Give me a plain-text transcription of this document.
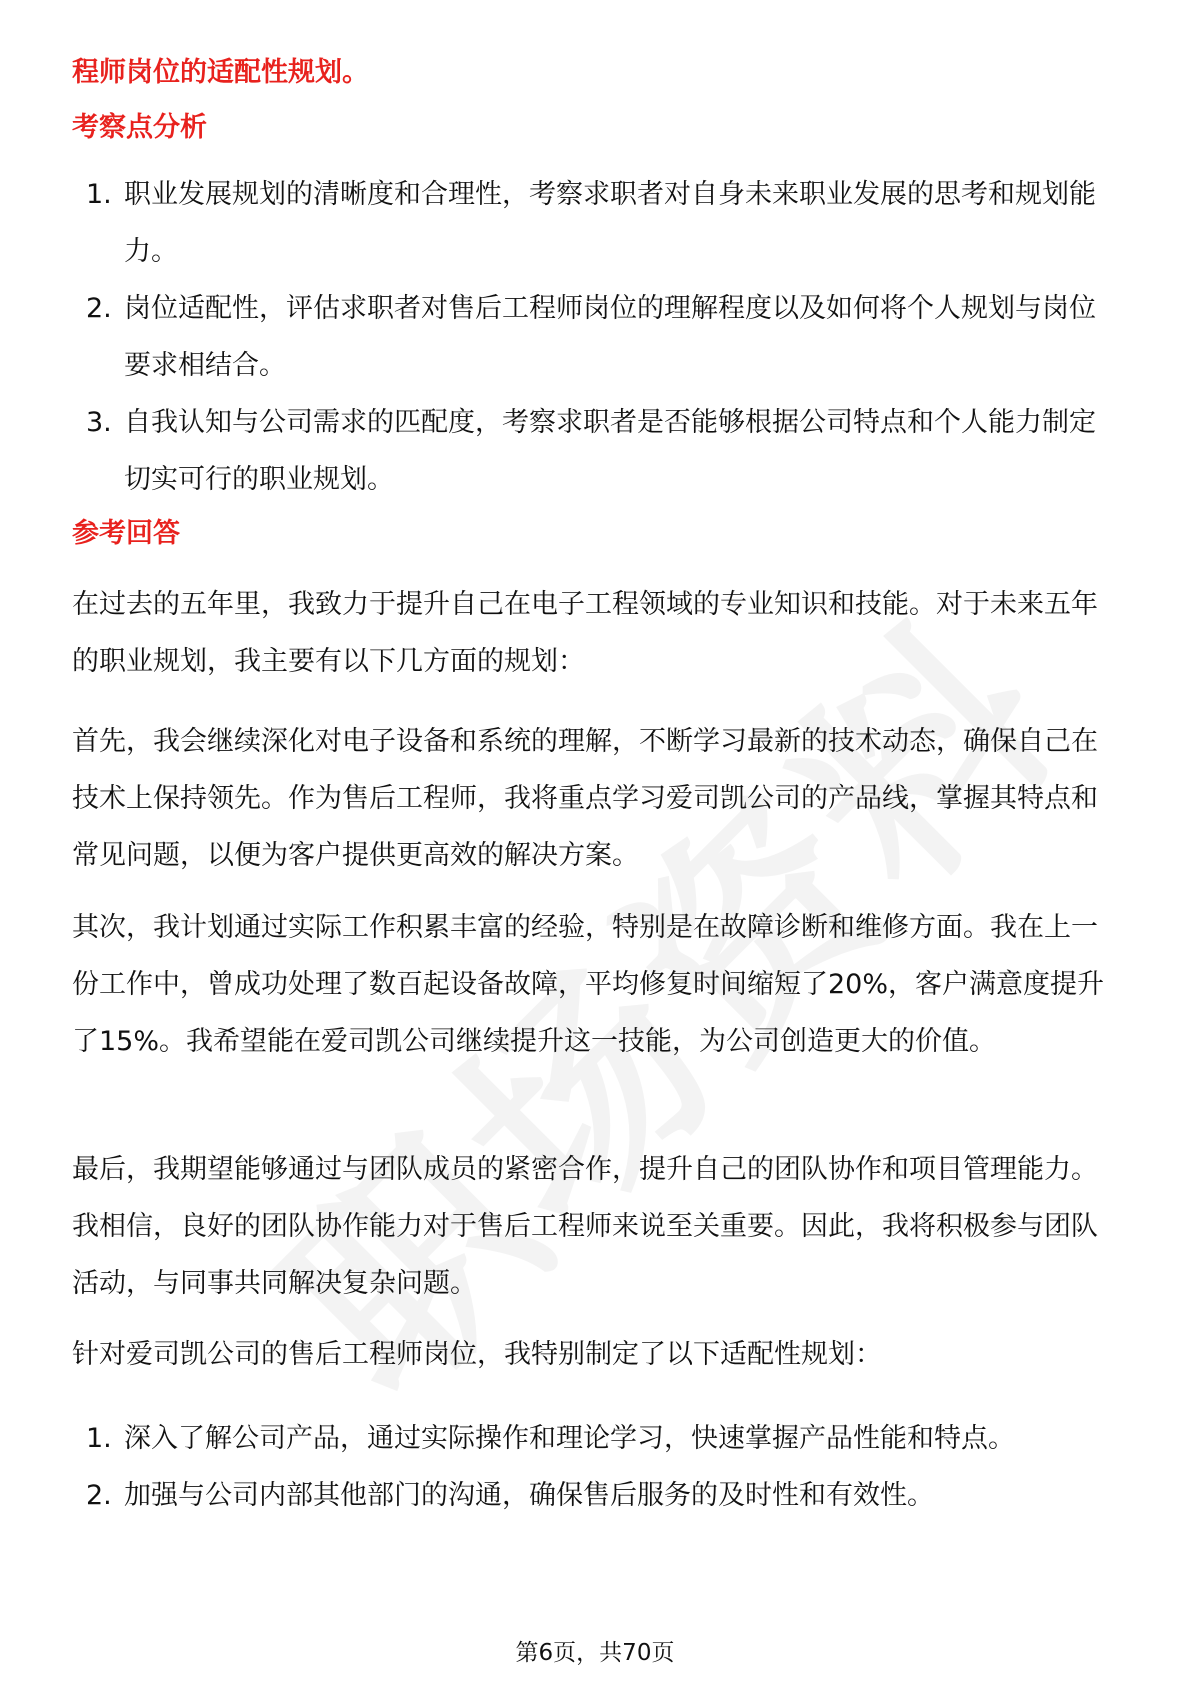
程师岗位的适配性规划。

考察点分析

1. 职业发展规划的清晰度和合理性，考察求职者对自身未来职业发展的思考和规划能力。
2. 岗位适配性，评估求职者对售后工程师岗位的理解程度以及如何将个人规划与岗位要求相结合。
3. 自我认知与公司需求的匹配度，考察求职者是否能够根据公司特点和个人能力制定切实可行的职业规划。

参考回答

在过去的五年里，我致力于提升自己在电子工程领域的专业知识和技能。对于未来五年的职业规划，我主要有以下几方面的规划：

首先，我会继续深化对电子设备和系统的理解，不断学习最新的技术动态，确保自己在技术上保持领先。作为售后工程师，我将重点学习爱司凯公司的产品线，掌握其特点和常见问题，以便为客户提供更高效的解决方案。

其次，我计划通过实际工作积累丰富的经验，特别是在故障诊断和维修方面。我在上一份工作中，曾成功处理了数百起设备故障，平均修复时间缩短了20%，客户满意度提升了15%。我希望能在爱司凯公司继续提升这一技能，为公司创造更大的价值。

最后，我期望能够通过与团队成员的紧密合作，提升自己的团队协作和项目管理能力。我相信，良好的团队协作能力对于售后工程师来说至关重要。因此，我将积极参与团队活动，与同事共同解决复杂问题。

针对爱司凯公司的售后工程师岗位，我特别制定了以下适配性规划：

1. 深入了解公司产品，通过实际操作和理论学习，快速掌握产品性能和特点。
2. 加强与公司内部其他部门的沟通，确保售后服务的及时性和有效性。
第6页，共70页
